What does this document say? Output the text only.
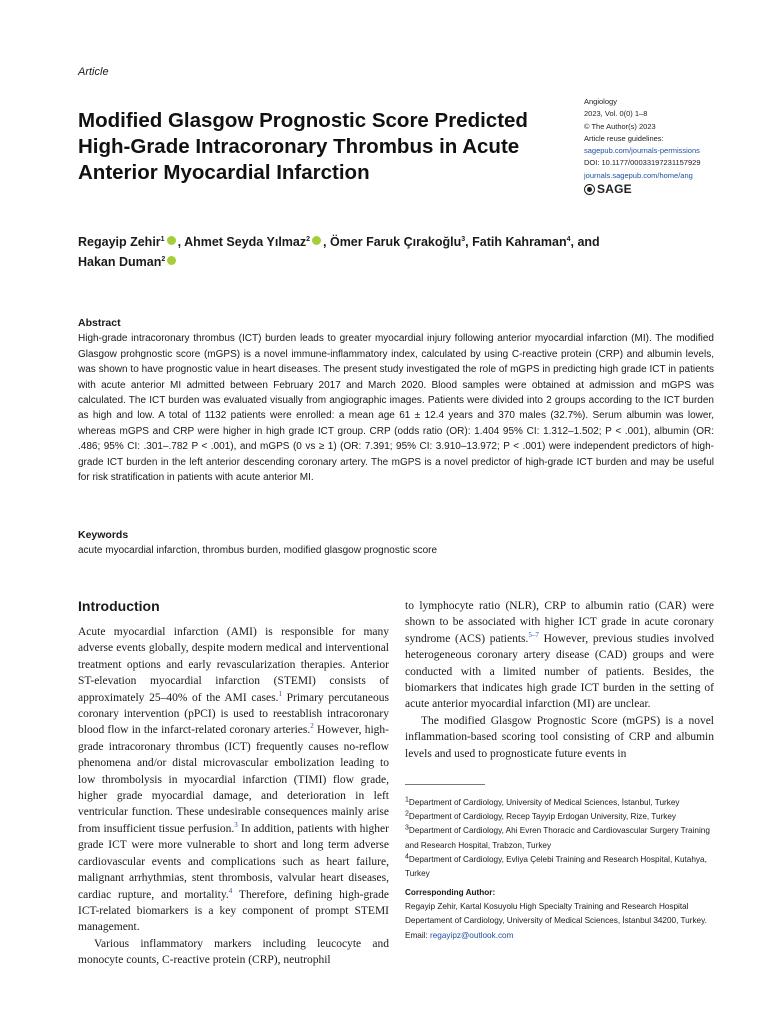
Article
Modified Glasgow Prognostic Score Predicted High-Grade Intracoronary Thrombus in Acute Anterior Myocardial Infarction
Angiology
2023, Vol. 0(0) 1–8
© The Author(s) 2023
Article reuse guidelines:
sagepub.com/journals-permissions
DOI: 10.1177/00033197231157929
journals.sagepub.com/home/ang
SAGE
Regayip Zehir$^1$ , Ahmet Seyda Yılmaz$^2$ , Ömer Faruk Çırakoğlu$^3$, Fatih Kahraman$^4$, and
Hakan Duman$^2$
Abstract

High-grade intracoronary thrombus (ICT) burden leads to greater myocardial injury following anterior myocardial infarction (MI). The modified Glasgow prohgnostic score (mGPS) is a novel immune-inflammatory index, calculated by using C-reactive protein (CRP) and albumin levels, was shown to have prognostic value in heart diseases. The present study investigated the role of mGPS in predicting high grade ICT in patients with acute anterior MI admitted between February 2017 and March 2020. Blood samples were obtained at admission and mGPS was calculated. The ICT burden was evaluated visually from angiographic images. Patients were divided into 2 groups according to the ICT burden as high and low. A total of 1132 patients were enrolled: a mean age 61 ± 12.4 years and 370 males (32.7%). Serum albumin was lower, whereas mGPS and CRP were higher in high grade ICT group. CRP (odds ratio (OR): 1.404 95% CI: 1.312–1.502; P < .001), albumin (OR: .486; 95% CI: .301–.782 P < .001), and mGPS (0 vs ≥ 1) (OR: 7.391; 95% CI: 3.910–13.972; P < .001) were independent predictors of high-grade ICT burden in the left anterior descending coronary artery. The mGPS is a novel predictor of high-grade ICT burden and may be useful for risk stratification in patients with acute anterior MI.

Keywords

acute myocardial infarction, thrombus burden, modified glasgow prognostic score

Introduction

Acute myocardial infarction (AMI) is responsible for many adverse events globally, despite modern medical and interventional treatment options and early revascularization therapies. Anterior ST-elevation myocardial infarction (STEMI) consists of approximately 25–40% of the AMI cases.$^1$ Primary percutaneous coronary intervention (pPCI) is used to reestablish intracoronary blood flow in the infarct-related coronary arteries.$^2$ However, high-grade intracoronary thrombus (ICT) frequently causes no-reflow phenomena and/or distal microvascular embolization leading to low thrombolysis in myocardial infarction (TIMI) flow grade, higher grade myocardial damage, and deterioration in left ventricular function. These undesirable consequences mainly arise from insufficient tissue perfusion.$^3$ In addition, patients with higher grade ICT were more vulnerable to short and long term adverse cardiovascular events and complications such as heart failure, malignant arrhythmias, stent thrombosis, valvular heart diseases, cardiac rupture, and mortality.$^4$ Therefore, defining high-grade ICT-related biomarkers is a key component of prompt STEMI management.

Various inflammatory markers including leucocyte and monocyte counts, C-reactive protein (CRP), neutrophil

to lymphocyte ratio (NLR), CRP to albumin ratio (CAR) were shown to be associated with higher ICT grade in acute coronary syndrome (ACS) patients.$^{5-7}$ However, previous studies involved heterogeneous coronary artery disease (CAD) groups and were conducted with a limited number of patients. Besides, the biomarkers that indicates high grade ICT burden in the setting of acute anterior myocardial infarction (MI) are unclear.

The modified Glasgow Prognostic Score (mGPS) is a novel inflammation-based scoring tool consisting of CRP and albumin levels and used to prognosticate future events in

$^1$Department of Cardiology, University of Medical Sciences, İstanbul, Turkey
$^2$Department of Cardiology, Recep Tayyip Erdogan University, Rize, Turkey
$^3$Department of Cardiology, Ahi Evren Thoracic and Cardiovascular Surgery Training and Research Hospital, Trabzon, Turkey
$^4$Department of Cardiology, Evliya Çelebi Training and Research Hospital, Kutahya, Turkey
Corresponding Author:
Regayip Zehir, Kartal Kosuyolu High Specialty Training and Research Hospital Depertament of Cardiology, University of Medical Sciences, İstanbul 34200, Turkey.
Email: regayipz@outlook.com
